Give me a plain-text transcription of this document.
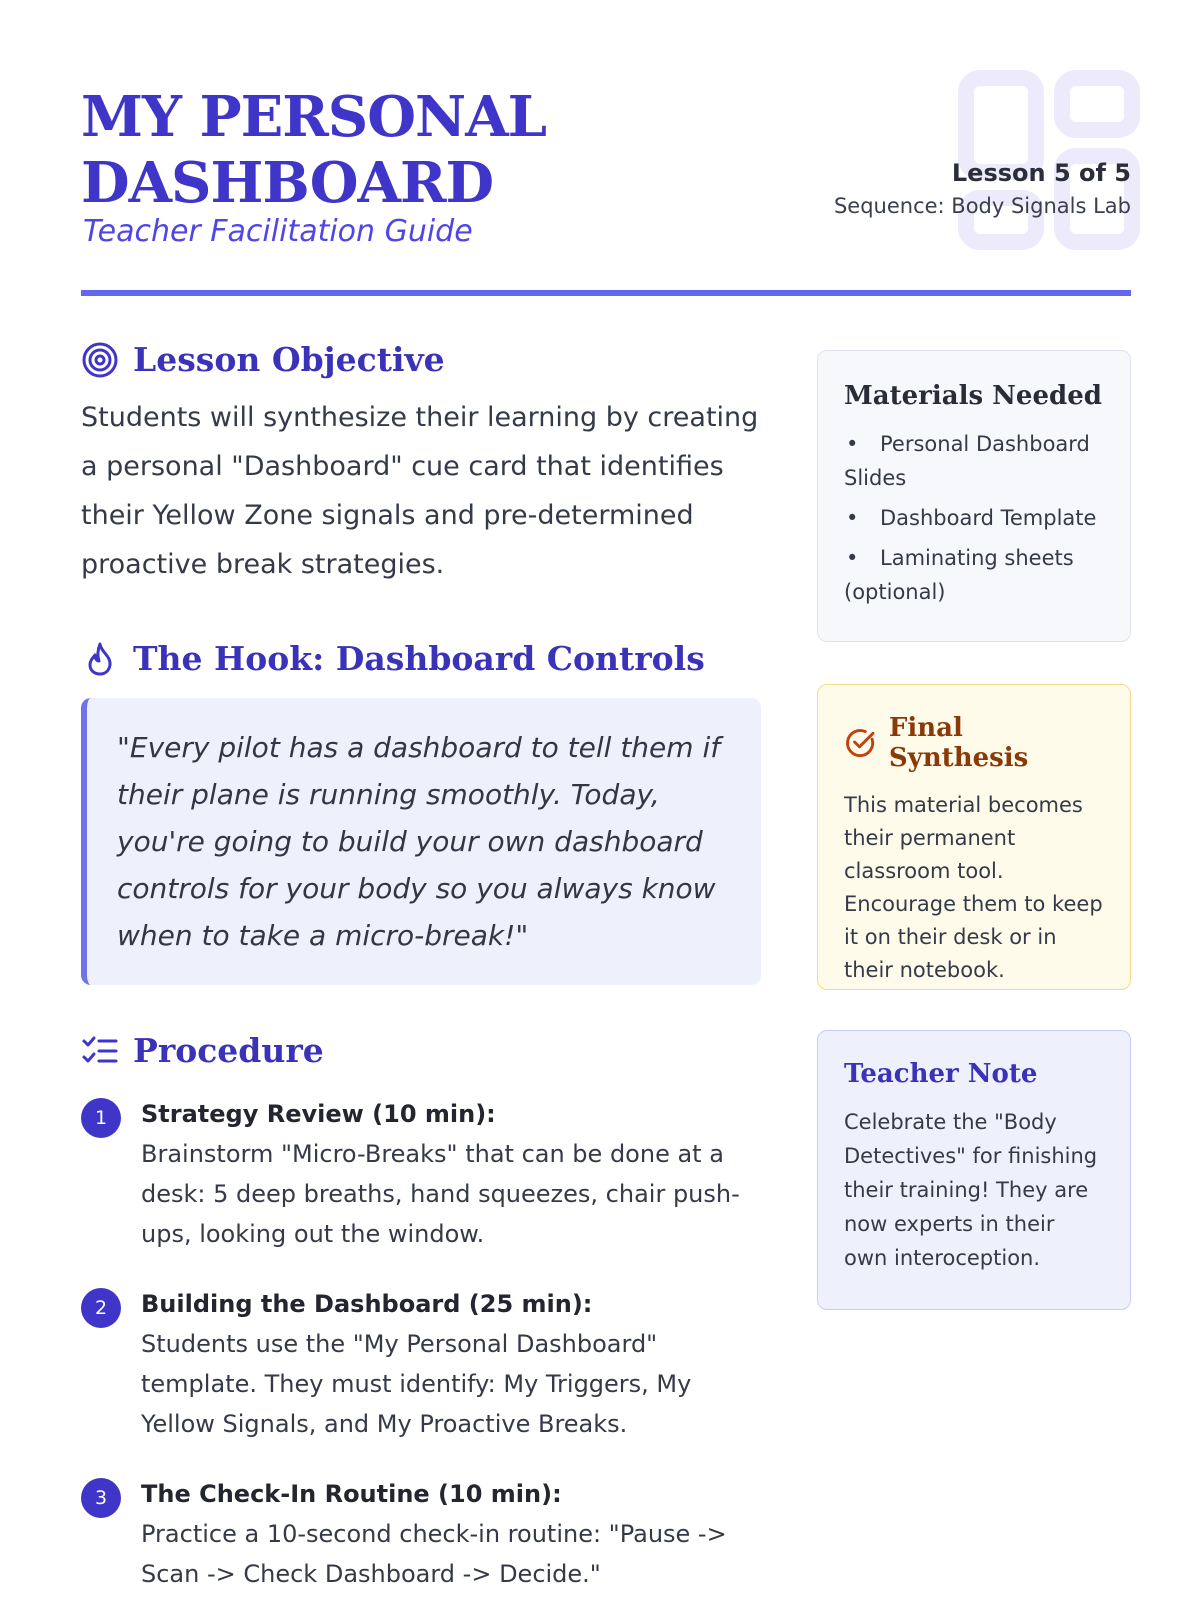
MY PERSONAL DASHBOARD
Teacher Facilitation Guide
Lesson 5 of 5
Sequence: Body Signals Lab
Lesson Objective

Students will synthesize their learning by creating a personal "Dashboard" cue card that identifies their Yellow Zone signals and pre-determined proactive break strategies.

The Hook: Dashboard Controls
"Every pilot has a dashboard to tell them if their plane is running smoothly. Today, you're going to build your own dashboard controls for your body so you always know when to take a micro-break!"
Procedure
1	Strategy Review (10 min):
Brainstorm "Micro-Breaks" that can be done at a desk: 5 deep breaths, hand squeezes, chair push-ups, looking out the window.
2	Building the Dashboard (25 min):
Students use the "My Personal Dashboard" template. They must identify: My Triggers, My Yellow Signals, and My Proactive Breaks.
3	The Check-In Routine (10 min):
Practice a 10-second check-in routine: "Pause -> Scan -> Check Dashboard -> Decide."
Materials Needed
• Personal Dashboard Slides
• Dashboard Template
• Laminating sheets (optional)
Final Synthesis

This material becomes their permanent classroom tool. Encourage them to keep it on their desk or in their notebook.

Teacher Note

Celebrate the "Body Detectives" for finishing their training! They are now experts in their own interoception.
